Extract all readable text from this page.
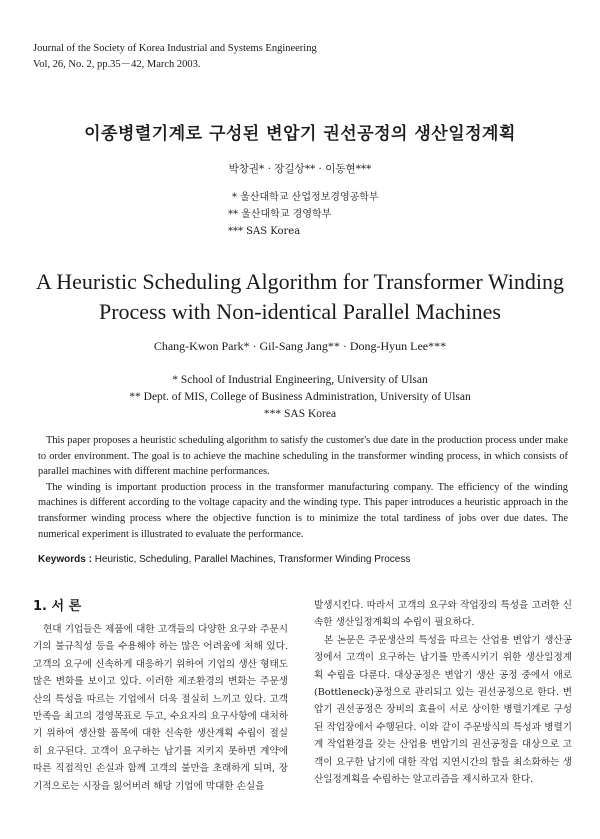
Journal of the Society of Korea Industrial and Systems Engineering
Vol, 26, No. 2, pp.35－42, March 2003.
이종병렬기계로 구성된 변압기 권선공정의 생산일정계획
박창권* · 장길상** · 이동현***
* 울산대학교 산업정보경영공학부
** 울산대학교 경영학부
*** SAS Korea
A Heuristic Scheduling Algorithm for Transformer Winding
Process with Non-identical Parallel Machines
Chang-Kwon Park* · Gil-Sang Jang** · Dong-Hyun Lee***
* School of Industrial Engineering, University of Ulsan
** Dept. of MIS, College of Business Administration, University of Ulsan
*** SAS Korea

This paper proposes a heuristic scheduling algorithm to satisfy the customer's due date in the production process under make to order environment. The goal is to achieve the machine scheduling in the transformer winding process, in which consists of parallel machines with different machine performances.

The winding is important production process in the transformer manufacturing company. The efficiency of the winding machines is different according to the voltage capacity and the winding type. This paper introduces a heuristic approach in the transformer winding process where the objective function is to minimize the total tardiness of jobs over due dates. The numerical experiment is illustrated to evaluate the performance.

Keywords : Heuristic, Scheduling, Parallel Machines, Transformer Winding Process
1. 서 론

현대 기업들은 제품에 대한 고객들의 다양한 요구와 주문시기의 불규칙성 등을 수용해야 하는 많은 어려움에 처해 있다. 고객의 요구에 신속하게 대응하기 위하여 기업의 생산 형태도 많은 변화를 보이고 있다. 이러한 제조환경의 변화는 주문생산의 특성을 따르는 기업에서 더욱 절실히 느끼고 있다. 고객만족을 최고의 경영목표로 두고, 수요자의 요구사항에 대처하기 위하여 생산할 품목에 대한 신속한 생산계획 수립이 절실히 요구된다. 고객이 요구하는 납기를 지키지 못하면 계약에 따른 직접적인 손실과 함께 고객의 불만을 초래하게 되며, 장기적으로는 시장을 잃어버려 해당 기업에 막대한 손실을

발생시킨다. 따라서 고객의 요구와 작업장의 특성을 고려한 신속한 생산일정계획의 수립이 필요하다.

본 논문은 주문생산의 특성을 따르는 산업용 변압기 생산공정에서 고객이 요구하는 납기를 만족시키기 위한 생산일정계획 수립을 다룬다. 대상공정은 변압기 생산 공정 중에서 애로(Bottleneck)공정으로 관리되고 있는 권선공정으로 한다. 변압기 권선공정은 장비의 효율이 서로 상이한 병렬기계로 구성된 작업장에서 수행된다. 이와 같이 주문방식의 특성과 병렬기계 작업환경을 갖는 산업용 변압기의 권선공정을 대상으로 고객이 요구한 납기에 대한 작업 지연시간의 합을 최소화하는 생산일정계획을 수립하는 알고리즘을 제시하고자 한다.
